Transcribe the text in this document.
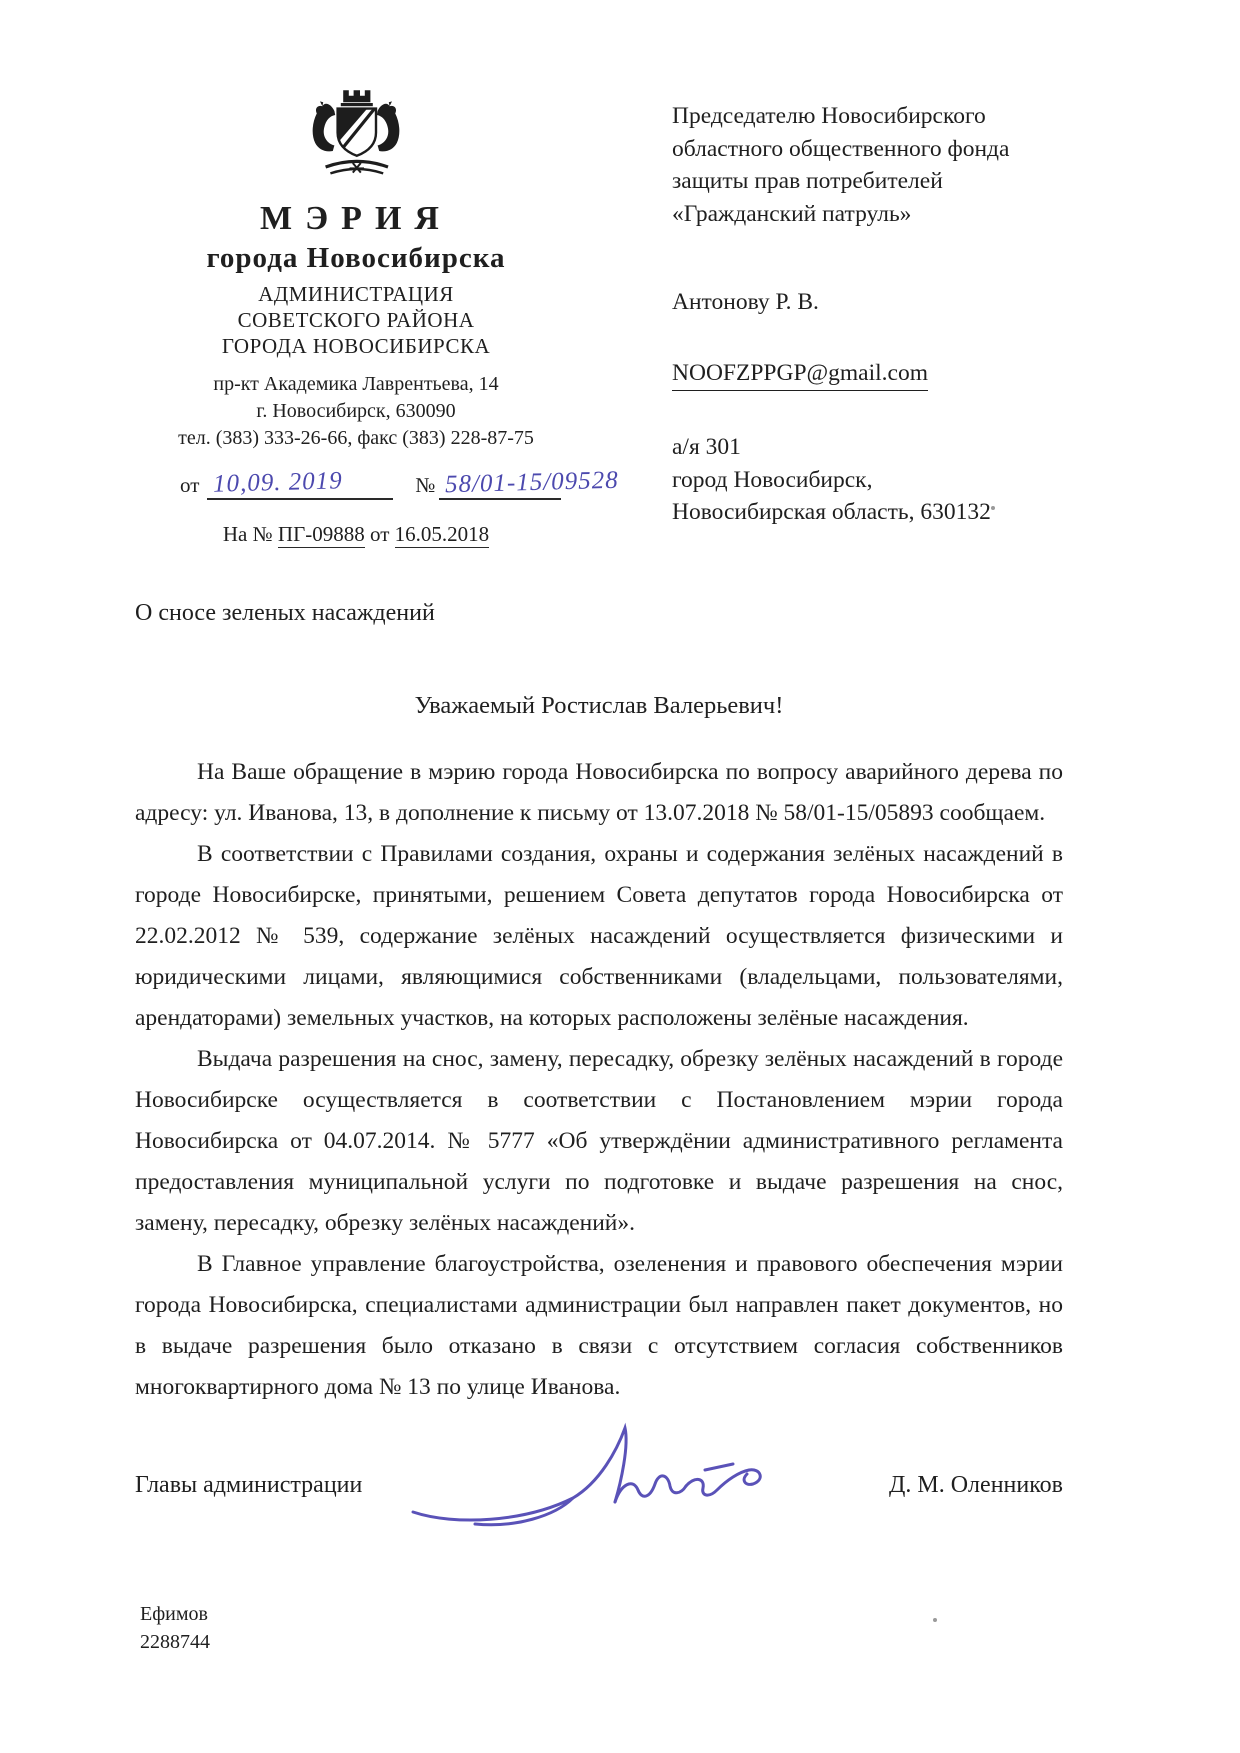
МЭРИЯ
города Новосибирска
АДМИНИСТРАЦИЯ
СОВЕТСКОГО РАЙОНА
ГОРОДА НОВОСИБИРСКА
пр-кт Академика Лаврентьева, 14
г. Новосибирск, 630090
тел. (383) 333-26-66, факс (383) 228-87-75
от 10,09. 2019	№ 58/01-15/09528
На № ПГ-09888 от 16.05.2018
Председателю Новосибирского
областного общественного фонда
защиты прав потребителей
«Гражданский патруль»
Антонову Р. В.
NOOFZPPGP@gmail.com
а/я 301
город Новосибирск,
Новосибирская область, 630132
О сносе зеленых насаждений
Уважаемый Ростислав Валерьевич!

На Ваше обращение в мэрию города Новосибирска по вопросу аварийного дерева по адресу: ул. Иванова, 13, в дополнение к письму от 13.07.2018 № 58/01-15/05893 сообщаем.

В соответствии с Правилами создания, охраны и содержания зелёных насаждений в городе Новосибирске, принятыми, решением Совета депутатов города Новосибирска от 22.02.2012 № 539, содержание зелёных насаждений осуществляется физическими и юридическими лицами, являющимися собственниками (владельцами, пользователями, арендаторами) земельных участков, на которых расположены зелёные насаждения.

Выдача разрешения на снос, замену, пересадку, обрезку зелёных насаждений в городе Новосибирске осуществляется в соответствии с Постановлением мэрии города Новосибирска от 04.07.2014. № 5777 «Об утверждёнии административного регламента предоставления муниципальной услуги по подготовке и выдаче разрешения на снос, замену, пересадку, обрезку зелёных насаждений».

В Главное управление благоустройства, озеленения и правового обеспечения мэрии города Новосибирска, специалистами администрации был направлен пакет документов, но в выдаче разрешения было отказано в связи с отсутствием согласия собственников многоквартирного дома № 13 по улице Иванова.

Главы администрации	Д. М. Оленников
Ефимов
2288744
